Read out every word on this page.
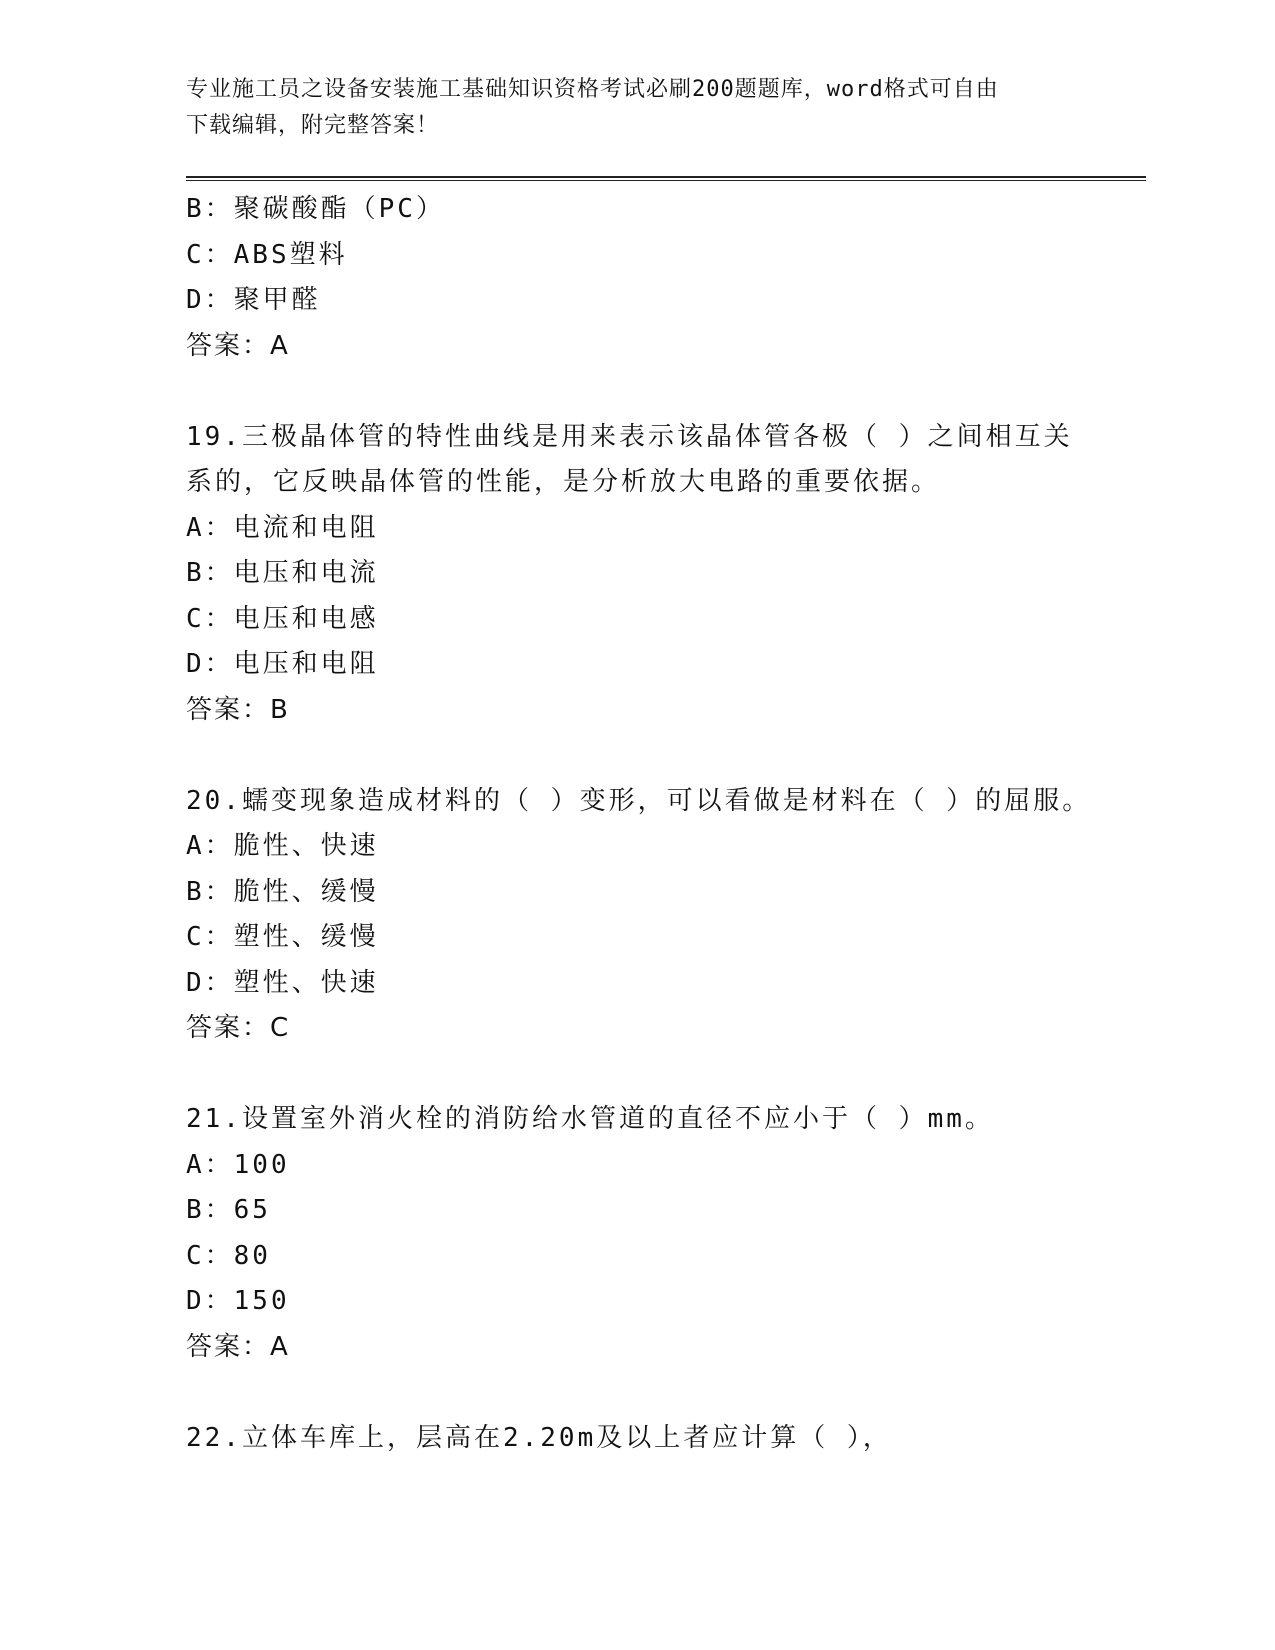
专业施工员之设备安装施工基础知识资格考试必刷200题题库，word格式可自由
下载编辑，附完整答案！
B：聚碳酸酯（PC）
C：ABS塑料
D：聚甲醛
答案：A
19.三极晶体管的特性曲线是用来表示该晶体管各极（ ）之间相互关
系的，它反映晶体管的性能，是分析放大电路的重要依据。
A：电流和电阻
B：电压和电流
C：电压和电感
D：电压和电阻
答案：B
20.蠕变现象造成材料的（ ）变形，可以看做是材料在（ ）的屈服。
A：脆性、快速
B：脆性、缓慢
C：塑性、缓慢
D：塑性、快速
答案：C
21.设置室外消火栓的消防给水管道的直径不应小于（ ）mm。
A：100
B：65
C：80
D：150
答案：A
22.立体车库上，层高在2.20m及以上者应计算（ ），
